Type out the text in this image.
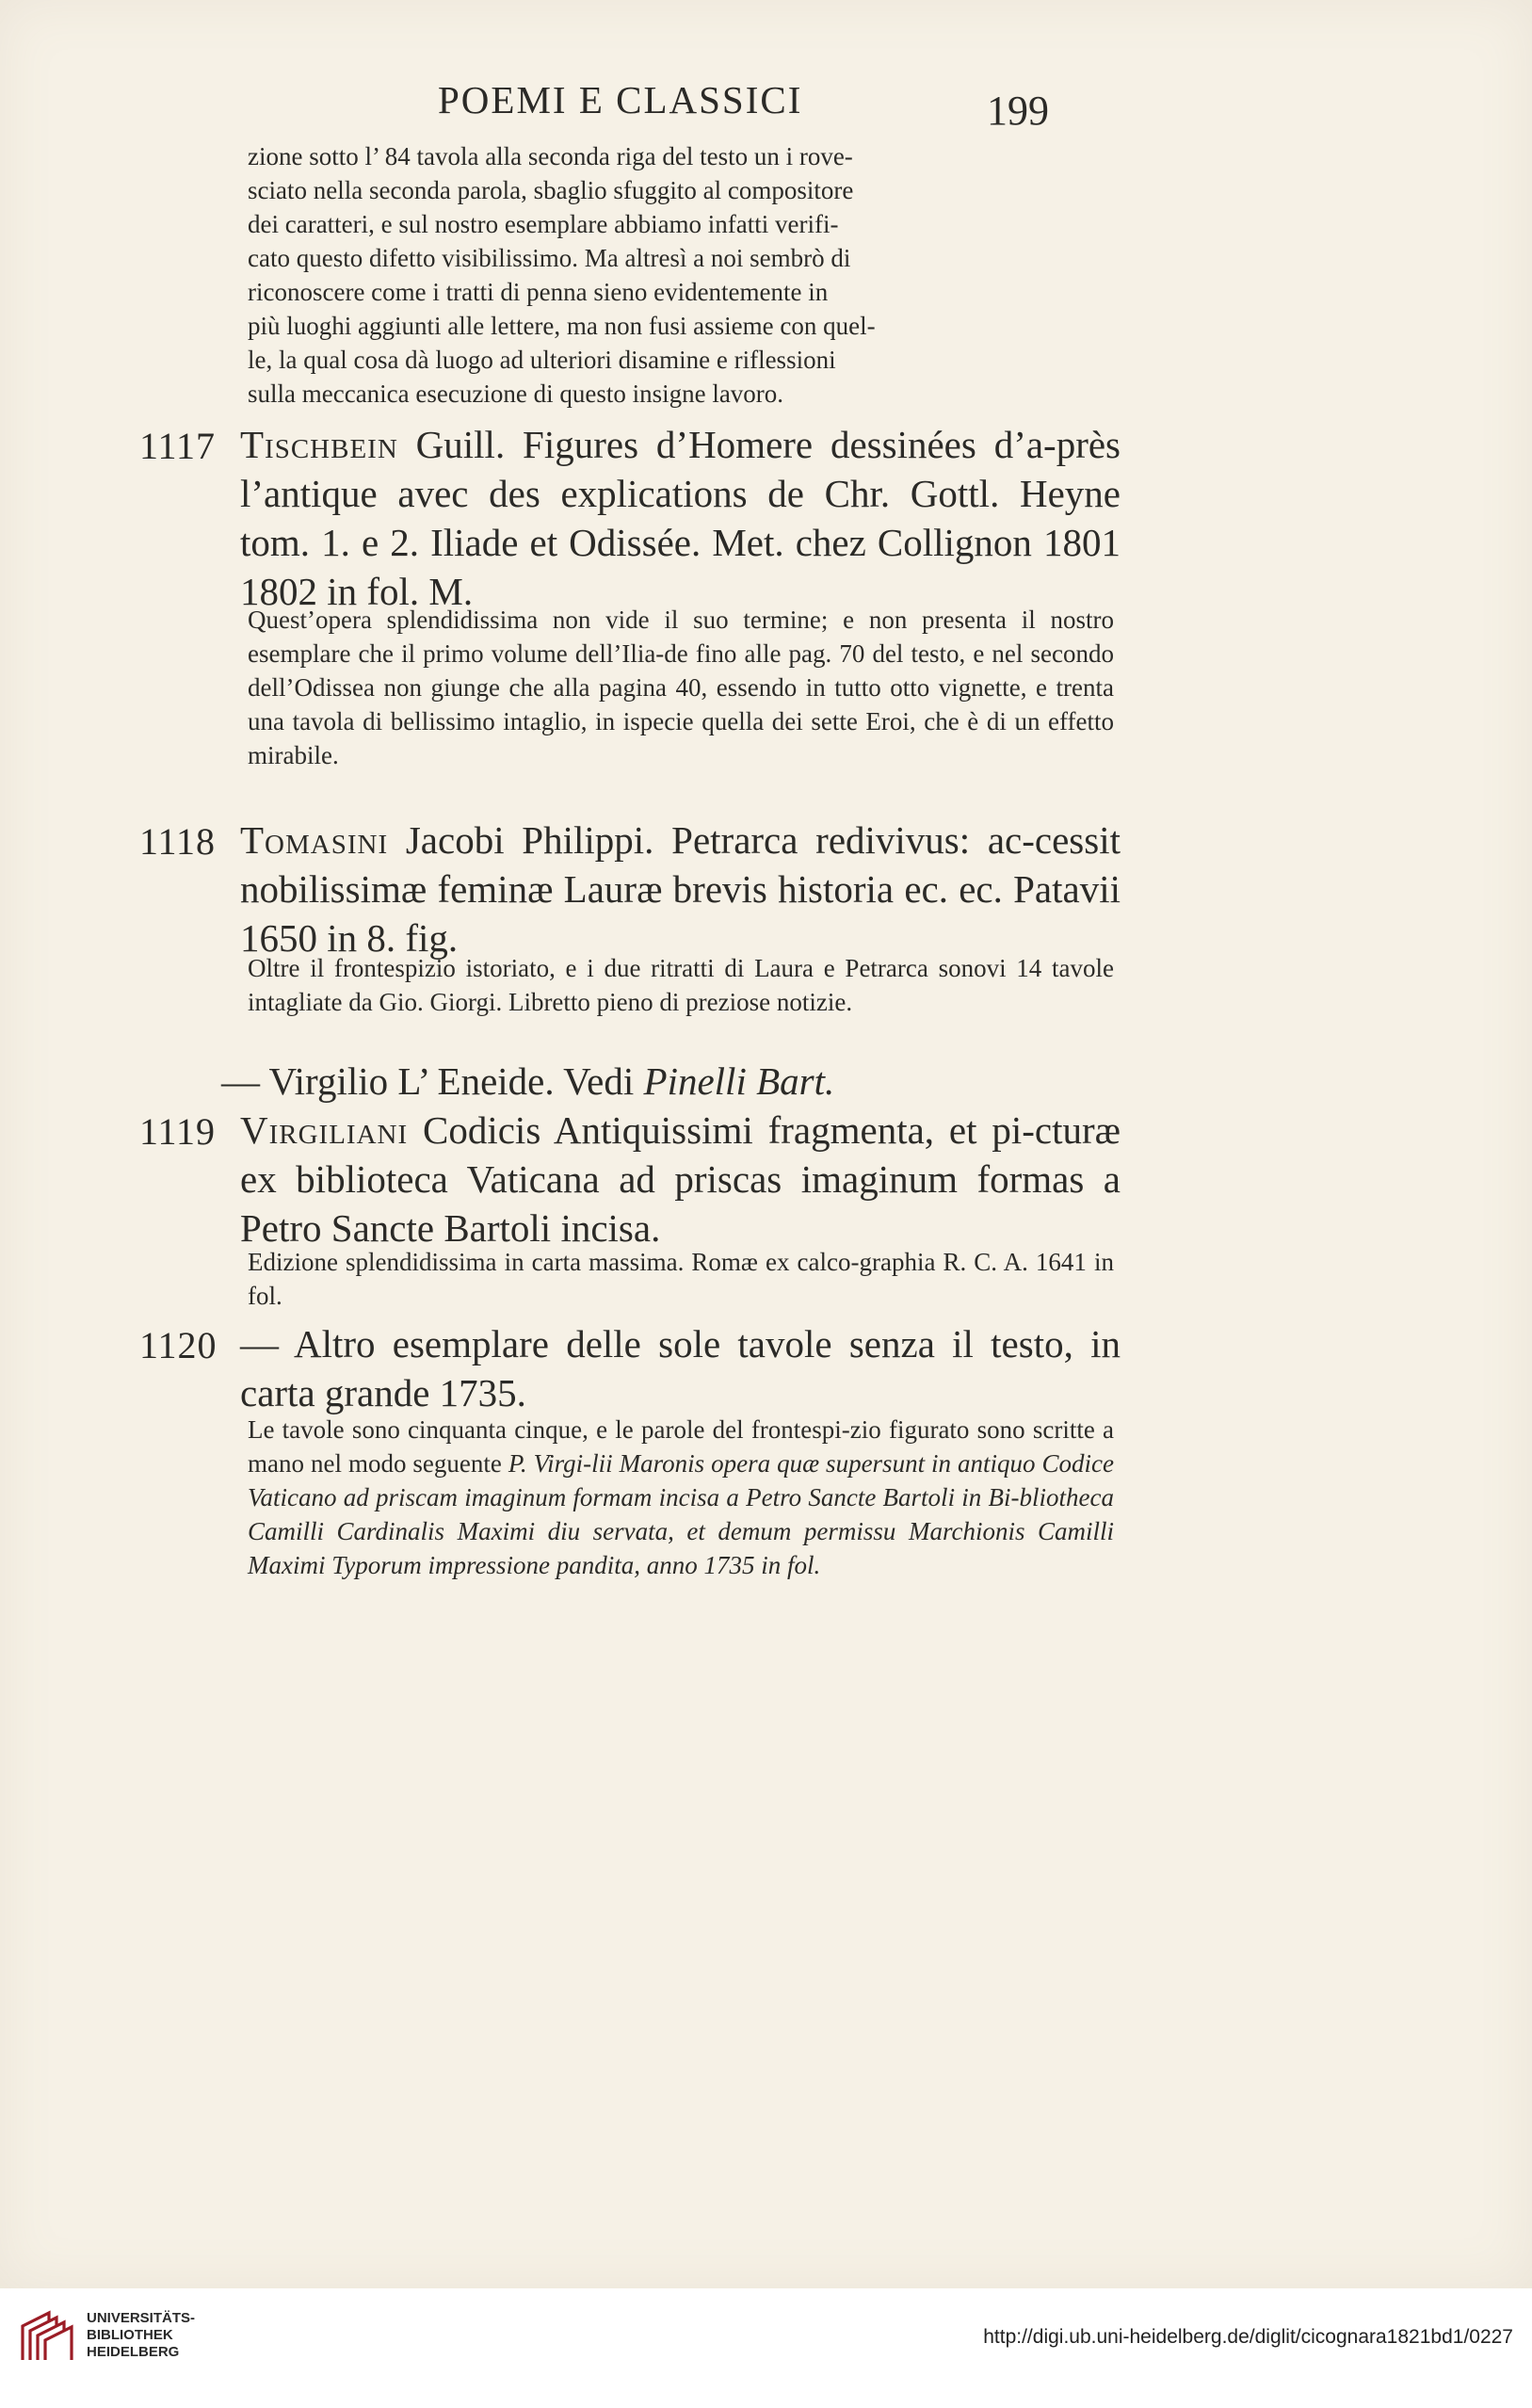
POEMI E CLASSICI	199

zione sotto l’ 84 tavola alla seconda riga del testo un i rove-

sciato nella seconda parola, sbaglio sfuggito al compositore

dei caratteri, e sul nostro esemplare abbiamo infatti verifi-

cato questo difetto visibilissimo. Ma altresì a noi sembrò di

riconoscere come i tratti di penna sieno evidentemente in

più luoghi aggiunti alle lettere, ma non fusi assieme con quel-

le, la qual cosa dà luogo ad ulteriori disamine e riflessioni

sulla meccanica esecuzione di questo insigne lavoro.

1117 Tischbein Guill. Figures d’Homere dessinées d’a-près l’antique avec des explications de Chr. Gottl. Heyne tom. 1. e 2. Iliade et Odissée. Met. chez Collignon 1801 1802 in fol. M.
Quest’opera splendidissima non vide il suo termine; e non presenta il nostro esemplare che il primo volume dell’Ilia-de fino alle pag. 70 del testo, e nel secondo dell’Odissea non giunge che alla pagina 40, essendo in tutto otto vignette, e trenta una tavola di bellissimo intaglio, in ispecie quella dei sette Eroi, che è di un effetto mirabile.
1118 Tomasini Jacobi Philippi. Petrarca redivivus: ac-cessit nobilissimæ feminæ Lauræ brevis historia ec. ec. Patavii 1650 in 8. fig.
Oltre il frontespizio istoriato, e i due ritratti di Laura e Petrarca sonovi 14 tavole intagliate da Gio. Giorgi. Libretto pieno di preziose notizie.
— Virgilio L’ Eneide. Vedi Pinelli Bart.
1119 Virgiliani Codicis Antiquissimi fragmenta, et pi-cturæ ex biblioteca Vaticana ad priscas imaginum formas a Petro Sancte Bartoli incisa.
Edizione splendidissima in carta massima. Romæ ex calco-graphia R. C. A. 1641 in fol.
1120 — Altro esemplare delle sole tavole senza il testo, in carta grande 1735.
Le tavole sono cinquanta cinque, e le parole del frontespi-zio figurato sono scritte a mano nel modo seguente P. Virgi-lii Maronis opera quæ supersunt in antiquo Codice Vaticano ad priscam imaginum formam incisa a Petro Sancte Bartoli in Bi-bliotheca Camilli Cardinalis Maximi diu servata, et demum permissu Marchionis Camilli Maximi Typorum impressione pandita, anno 1735 in fol.
UNIVERSITÄTS-
BIBLIOTHEK
HEIDELBERG
http://digi.ub.uni-heidelberg.de/diglit/cicognara1821bd1/0227
